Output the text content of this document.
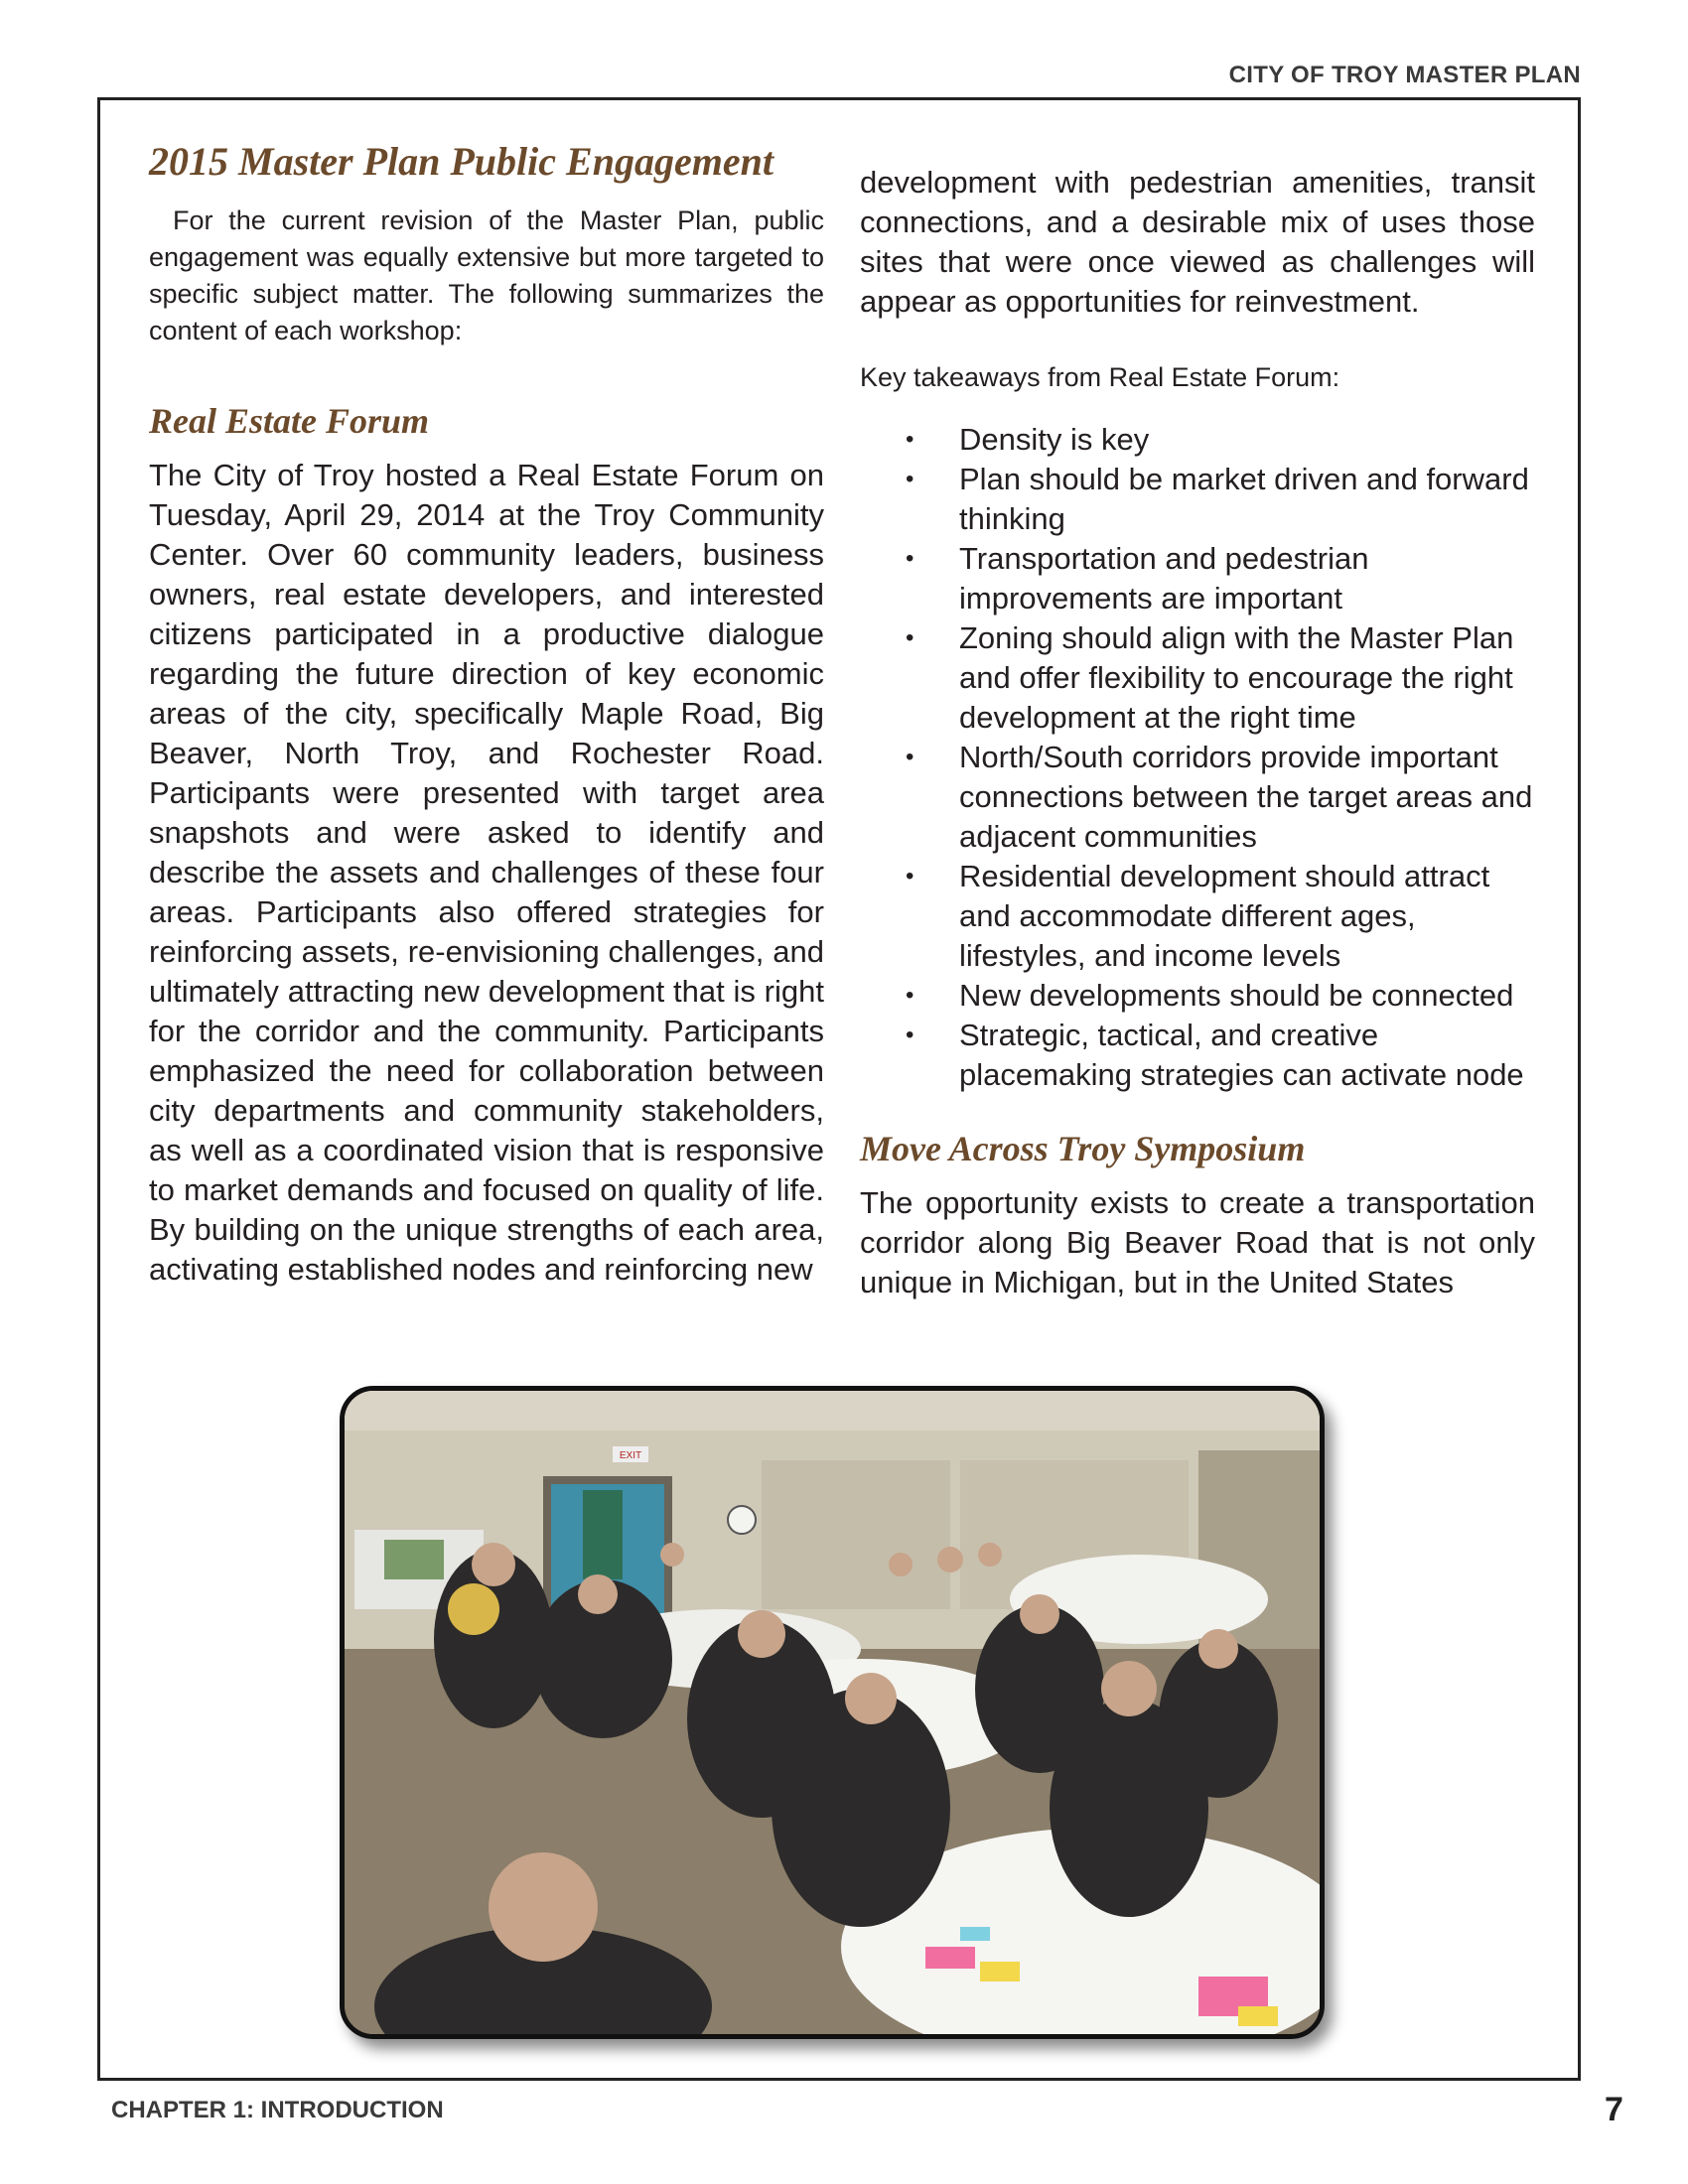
CITY OF TROY MASTER PLAN
2015 Master Plan Public Engagement

For the current revision of the Master Plan, public engagement was equally extensive but more targeted to specific subject matter. The following summarizes the content of each workshop:

Real Estate Forum

The City of Troy hosted a Real Estate Forum on Tuesday, April 29, 2014 at the Troy Community Center. Over 60 community leaders, business owners, real estate developers, and interested citizens participated in a productive dialogue regarding the future direction of key economic areas of the city, specifically Maple Road, Big Beaver, North Troy, and Rochester Road. Participants were presented with target area snapshots and were asked to identify and describe the assets and challenges of these four areas. Participants also offered strategies for reinforcing assets, re-envisioning challenges, and ultimately attracting new development that is right for the corridor and the community. Participants emphasized the need for collaboration between city departments and community stakeholders, as well as a coordinated vision that is responsive to market demands and focused on quality of life. By building on the unique strengths of each area, activating established nodes and reinforcing new

development with pedestrian amenities, transit connections, and a desirable mix of uses those sites that were once viewed as challenges will appear as opportunities for reinvestment.

Key takeaways from Real Estate Forum:

• Density is key
• Plan should be market driven and forward thinking
• Transportation and pedestrian improvements are important
• Zoning should align with the Master Plan and offer flexibility to encourage the right development at the right time
• North/South corridors provide important connections between the target areas and adjacent communities
• Residential development should attract and accommodate different ages, lifestyles, and income levels
• New developments should be connected
• Strategic, tactical, and creative placemaking strategies can activate node
Move Across Troy Symposium

The opportunity exists to create a transportation corridor along Big Beaver Road that is not only unique in Michigan, but in the United States

EXIT
CHAPTER 1: INTRODUCTION	7
